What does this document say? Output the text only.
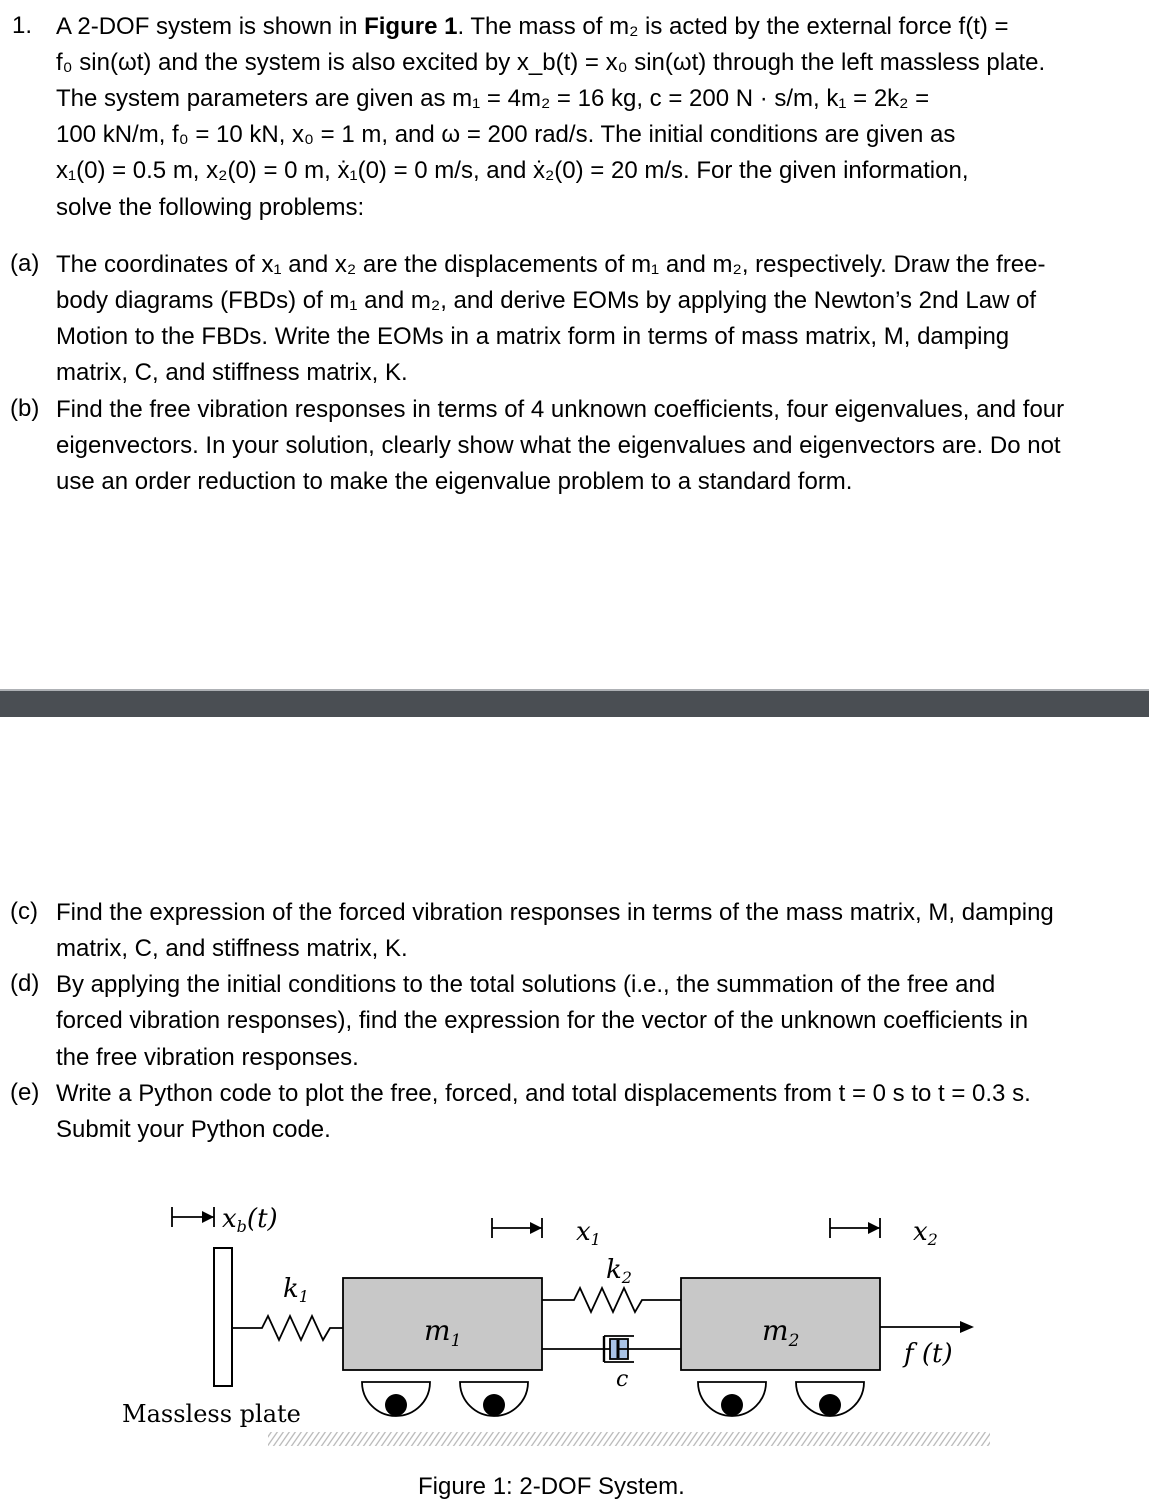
1. A 2-DOF system is shown in Figure 1. The mass of m₂ is acted by the external force f(t) =
f₀ sin(ωt) and the system is also excited by x_b(t) = x₀ sin(ωt) through the left massless plate.
The system parameters are given as m₁ = 4m₂ = 16 kg, c = 200 N · s/m, k₁ = 2k₂ =
100 kN/m, f₀ = 10 kN, x₀ = 1 m, and ω = 200 rad/s. The initial conditions are given as
x₁(0) = 0.5 m, x₂(0) = 0 m, ẋ₁(0) = 0 m/s, and ẋ₂(0) = 20 m/s. For the given information,
solve the following problems:
(a) The coordinates of x₁ and x₂ are the displacements of m₁ and m₂, respectively. Draw the free-
body diagrams (FBDs) of m₁ and m₂, and derive EOMs by applying the Newton’s 2nd Law of
Motion to the FBDs. Write the EOMs in a matrix form in terms of mass matrix, M, damping
matrix, C, and stiffness matrix, K.
(b) Find the free vibration responses in terms of 4 unknown coefficients, four eigenvalues, and four
eigenvectors. In your solution, clearly show what the eigenvalues and eigenvectors are. Do not
use an order reduction to make the eigenvalue problem to a standard form.
(c) Find the expression of the forced vibration responses in terms of the mass matrix, M, damping
matrix, C, and stiffness matrix, K.
(d) By applying the initial conditions to the total solutions (i.e., the summation of the free and
forced vibration responses), find the expression for the vector of the unknown coefficients in
the free vibration responses.
(e) Write a Python code to plot the free, forced, and total displacements from t = 0 s to t = 0.3 s.
Submit your Python code.
xb(t)
Massless plate
k1
$m_1$
x1
k2
c
$m_2$
x2
f (t)
Figure 1: 2-DOF System.
